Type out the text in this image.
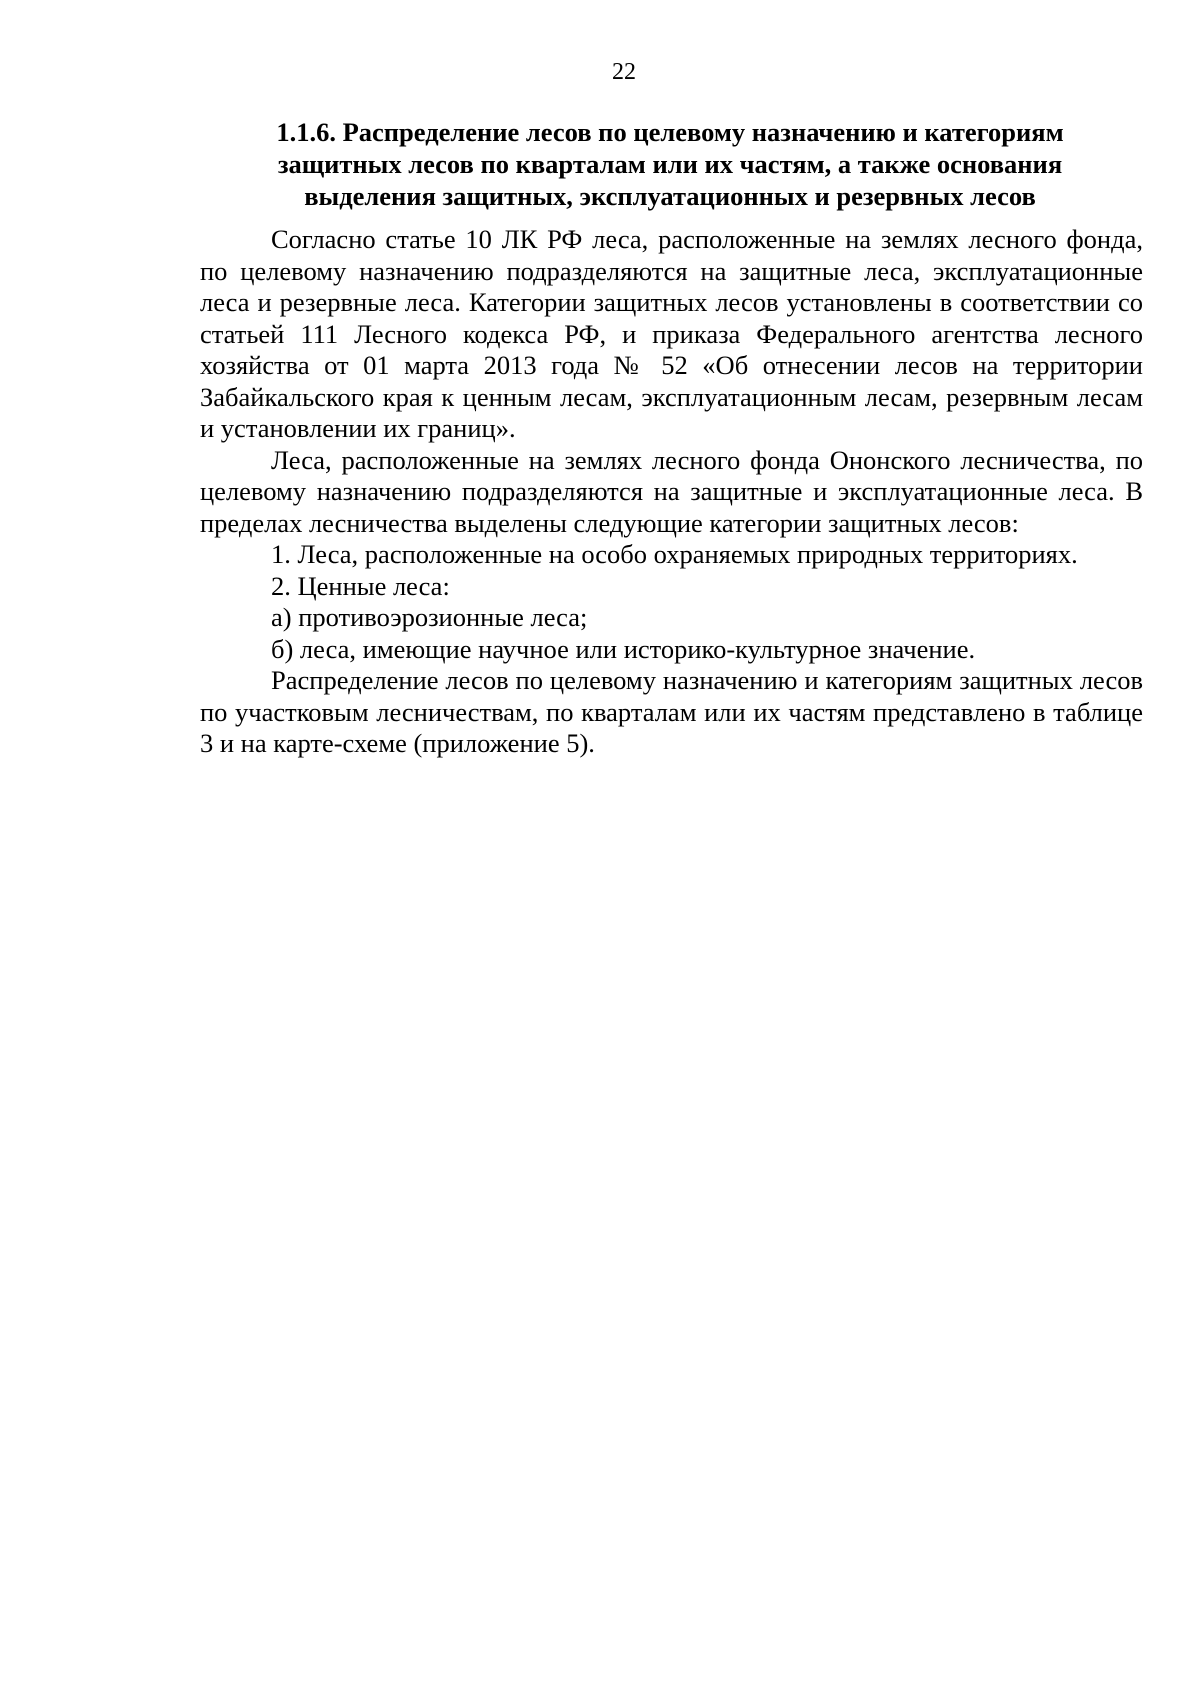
22
1.1.6. Распределение лесов по целевому назначению и категориям
защитных лесов по кварталам или их частям, а также основания
выделения защитных, эксплуатационных и резервных лесов

Согласно статье 10 ЛК РФ леса, расположенные на землях лесного фонда, по целевому назначению подразделяются на защитные леса, эксплуатационные леса и резервные леса. Категории защитных лесов установлены в соответствии со статьей 111 Лесного кодекса РФ, и приказа Федерального агентства лесного хозяйства от 01 марта 2013 года № 52 «Об отнесении лесов на территории Забайкальского края к ценным лесам, эксплуатационным лесам, резервным лесам и установлении их границ».

Леса, расположенные на землях лесного фонда Ононского лесничества, по целевому назначению подразделяются на защитные и эксплуатационные леса. В пределах лесничества выделены следующие категории защитных лесов:

1. Леса, расположенные на особо охраняемых природных территориях.

2. Ценные леса:

а) противоэрозионные леса;

б) леса, имеющие научное или историко-культурное значение.

Распределение лесов по целевому назначению и категориям защитных лесов по участковым лесничествам, по кварталам или их частям представлено в таблице 3 и на карте-схеме (приложение 5).
